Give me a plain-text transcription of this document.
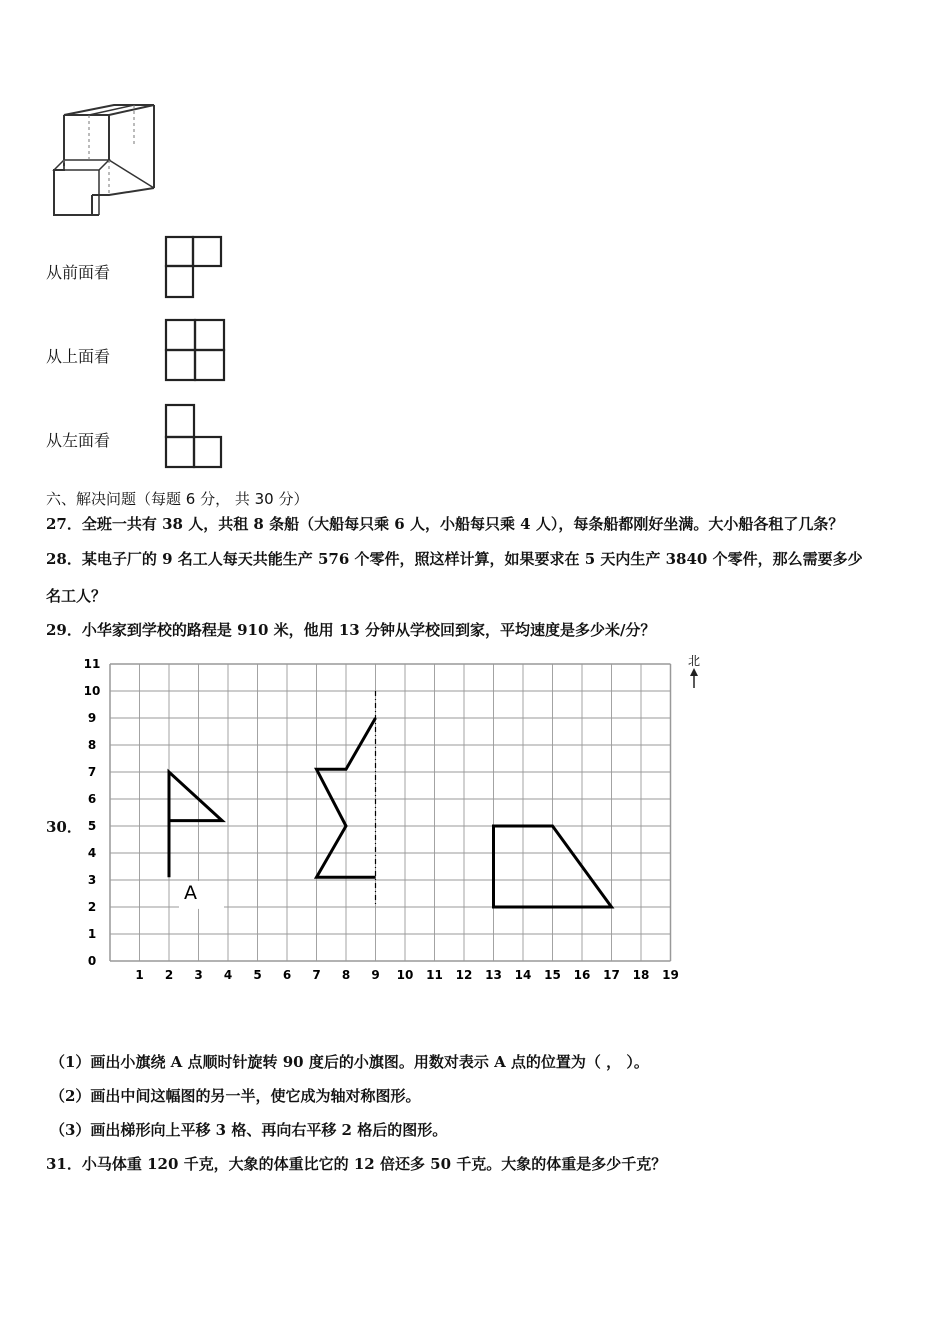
从前面看
从上面看
从左面看
六、解决问题（每题 6 分， 共 30 分）
27．全班一共有 38 人，共租 8 条船（大船每只乘 6 人，小船每只乘 4 人），每条船都刚好坐满。大小船各租了几条？
28．某电子厂的 9 名工人每天共能生产 576 个零件，照这样计算，如果要求在 5 天内生产 3840 个零件，那么需要多少
名工人？
29．小华家到学校的路程是 910 米，他用 13 分钟从学校回到家，平均速度是多少米/分？
30．
1 2 3 4 5 6 7 8 9 10 11 12 13 14 15 16 17 18 19
0
1
2
3
4
5
6
7
8
9
10
11	北
A
（1）画出小旗绕 A 点顺时针旋转 90 度后的小旗图。用数对表示 A 点的位置为（ ， ）。
（2）画出中间这幅图的另一半，使它成为轴对称图形。
（3）画出梯形向上平移 3 格、再向右平移 2 格后的图形。
31．小马体重 120 千克，大象的体重比它的 12 倍还多 50 千克。大象的体重是多少千克？
